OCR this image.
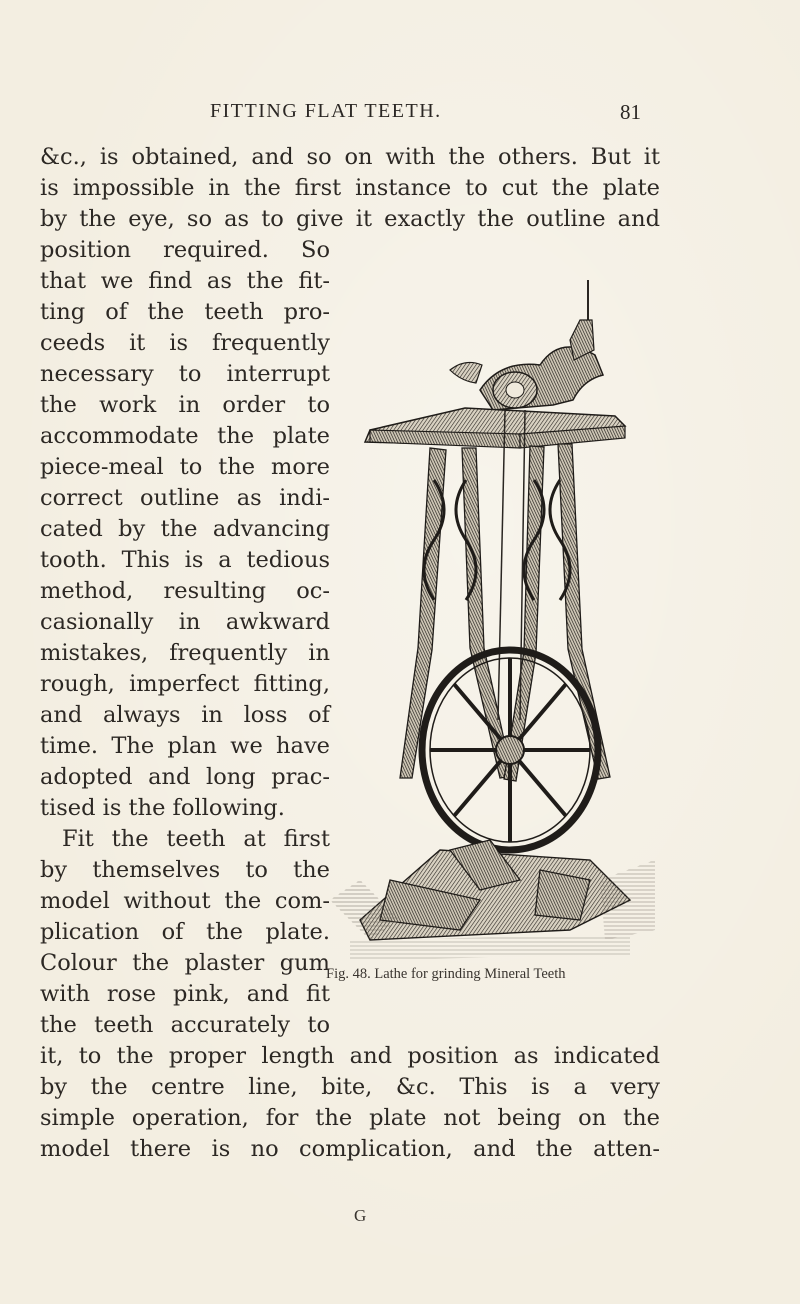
FITTING FLAT TEETH.	81
&c., is obtained, and so on with the others. But it
is impossible in the first instance to cut the plate
by the eye, so as to give it exactly the outline and
position required. So
that we find as the fit-
ting of the teeth pro-
ceeds it is frequently
necessary to interrupt
the work in order to
accommodate the plate
piece-meal to the more
correct outline as indi-
cated by the advancing
tooth. This is a tedious
method, resulting oc-
casionally in awkward
mistakes, frequently in
rough, imperfect fitting,
and always in loss of
time. The plan we have
adopted and long prac-
tised is the following.
Fit the teeth at first
by themselves to the
model without the com-
plication of the plate.
Colour the plaster gum
with rose pink, and fit
the teeth accurately to
it, to the proper length and position as indicated
by the centre line, bite, &c. This is a very
simple operation, for the plate not being on the
model there is no complication, and the atten-
Fig. 48. Lathe for grinding Mineral Teeth
G
